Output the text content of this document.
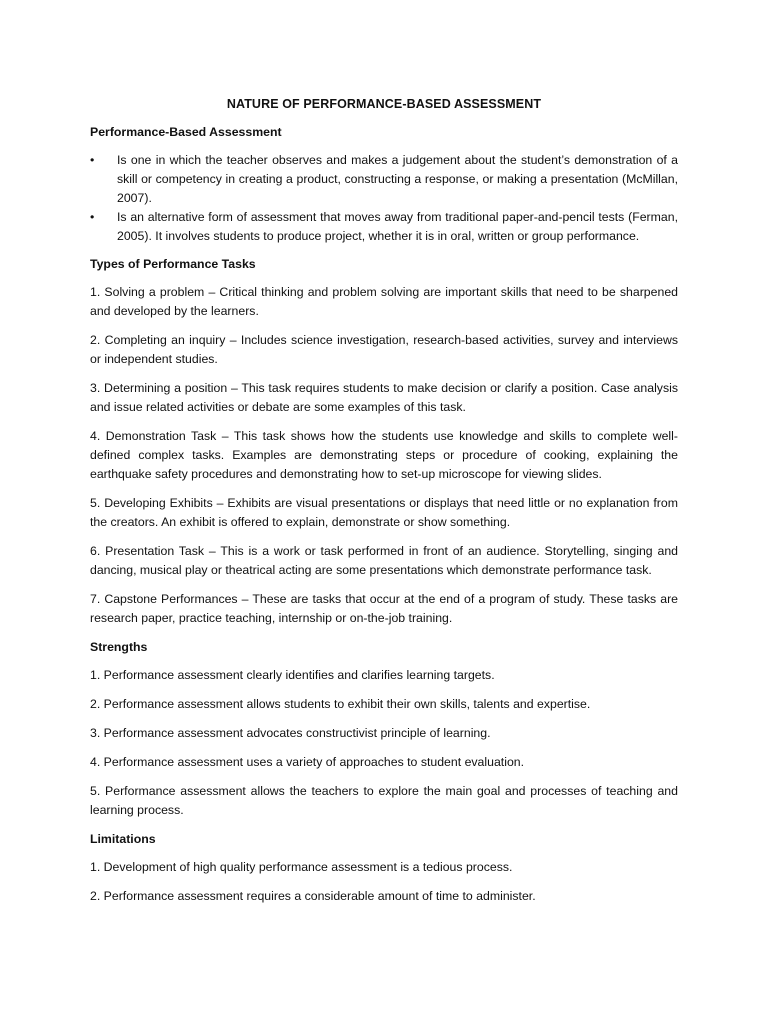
NATURE OF PERFORMANCE-BASED ASSESSMENT
Performance-Based Assessment
•	Is one in which the teacher observes and makes a judgement about the student’s demonstration of a skill or competency in creating a product, constructing a response, or making a presentation (McMillan, 2007).
•	Is an alternative form of assessment that moves away from traditional paper-and-pencil tests (Ferman, 2005). It involves students to produce project, whether it is in oral, written or group performance.
Types of Performance Tasks

1. Solving a problem – Critical thinking and problem solving are important skills that need to be sharpened and developed by the learners.

2. Completing an inquiry – Includes science investigation, research-based activities, survey and interviews or independent studies.

3. Determining a position – This task requires students to make decision or clarify a position. Case analysis and issue related activities or debate are some examples of this task.

4. Demonstration Task – This task shows how the students use knowledge and skills to complete well-defined complex tasks. Examples are demonstrating steps or procedure of cooking, explaining the earthquake safety procedures and demonstrating how to set-up microscope for viewing slides.

5. Developing Exhibits – Exhibits are visual presentations or displays that need little or no explanation from the creators. An exhibit is offered to explain, demonstrate or show something.

6. Presentation Task – This is a work or task performed in front of an audience. Storytelling, singing and dancing, musical play or theatrical acting are some presentations which demonstrate performance task.

7. Capstone Performances – These are tasks that occur at the end of a program of study. These tasks are research paper, practice teaching, internship or on-the-job training.

Strengths

1. Performance assessment clearly identifies and clarifies learning targets.

2. Performance assessment allows students to exhibit their own skills, talents and expertise.

3. Performance assessment advocates constructivist principle of learning.

4. Performance assessment uses a variety of approaches to student evaluation.

5. Performance assessment allows the teachers to explore the main goal and processes of teaching and learning process.

Limitations

1. Development of high quality performance assessment is a tedious process.

2. Performance assessment requires a considerable amount of time to administer.
